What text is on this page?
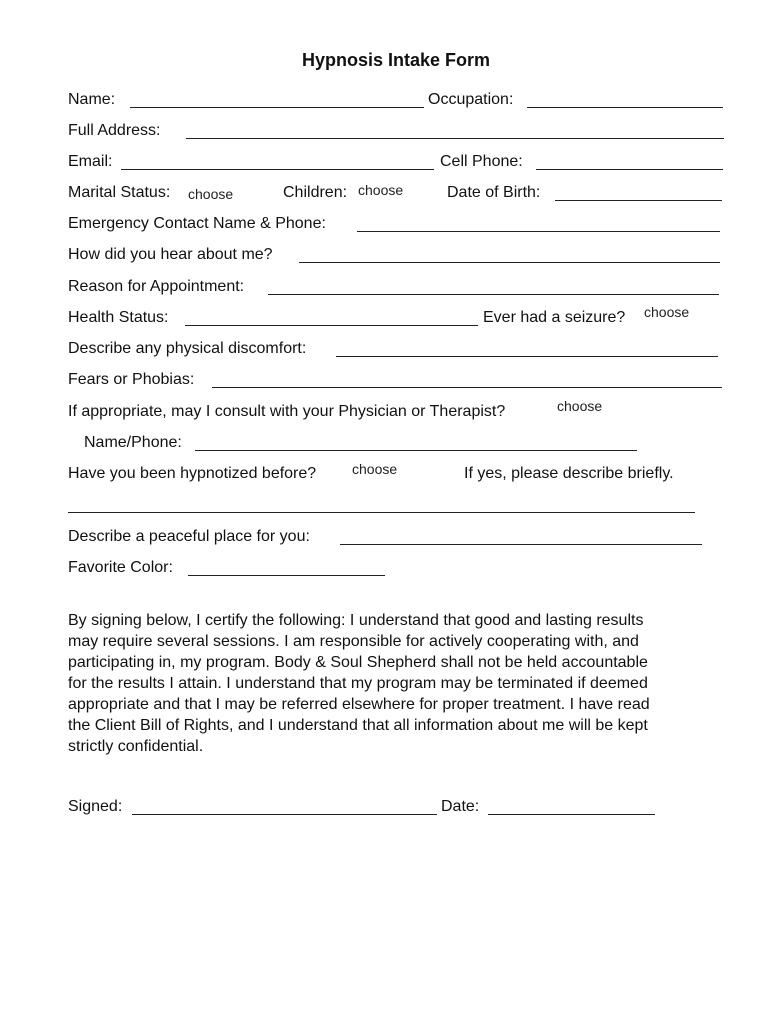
Hypnosis Intake Form
Name:	Occupation:
Full Address:
Email:	Cell Phone:
Marital Status: choose	Children: choose	Date of Birth:
Emergency Contact Name & Phone:
How did you hear about me?
Reason for Appointment:
Health Status:	Ever had a seizure? choose
Describe any physical discomfort:
Fears or Phobias:
If appropriate, may I consult with your Physician or Therapist?	choose
Name/Phone:
Have you been hypnotized before?	choose	If yes, please describe briefly.
Describe a peaceful place for you:
Favorite Color:
By signing below, I certify the following: I understand that good and lasting results
may require several sessions. I am responsible for actively cooperating with, and
participating in, my program. Body & Soul Shepherd shall not be held accountable
for the results I attain. I understand that my program may be terminated if deemed
appropriate and that I may be referred elsewhere for proper treatment. I have read
the Client Bill of Rights, and I understand that all information about me will be kept
strictly confidential.
Signed:	Date:
